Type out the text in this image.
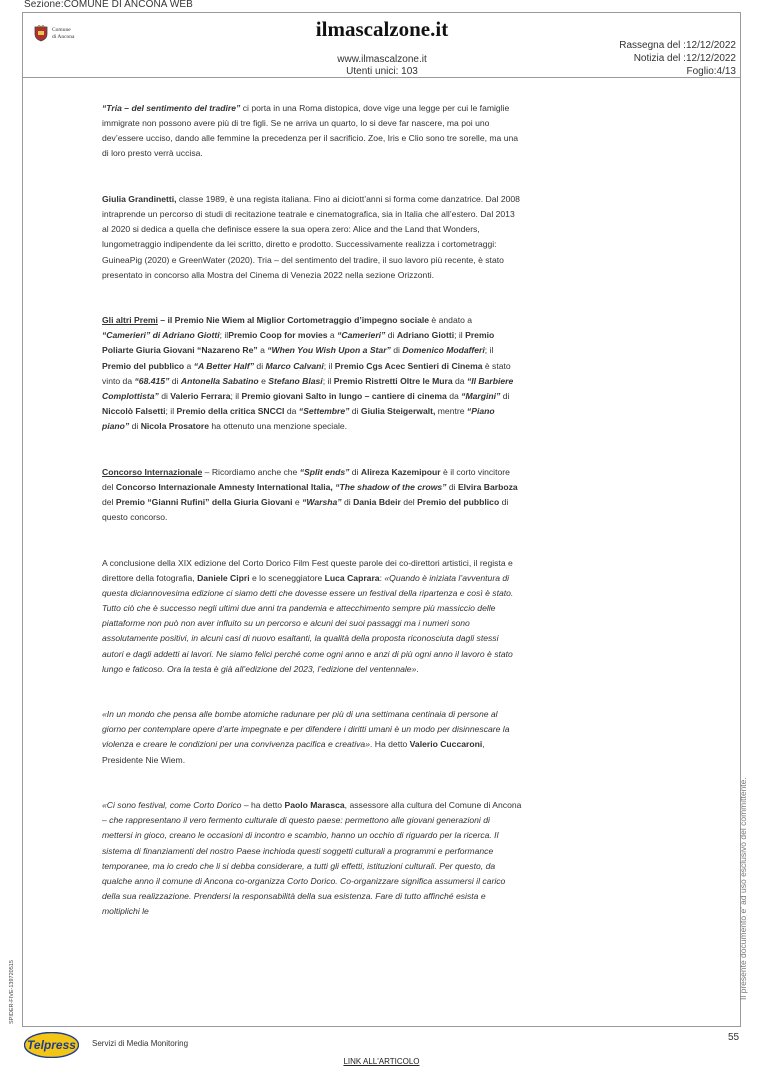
Sezione:COMUNE DI ANCONA WEB
Comune
di Ancona	ilmascalzone.it
www.ilmascalzone.it
Utenti unici: 103
Rassegna del :12/12/2022
Notizia del :12/12/2022
Foglio:4/13

“Tria – del sentimento del tradire” ci porta in una Roma distopica, dove vige una legge per cui le famiglie immigrate non possono avere più di tre figli. Se ne arriva un quarto, lo si deve far nascere, ma poi uno dev’essere ucciso, dando alle femmine la precedenza per il sacrificio. Zoe, Iris e Clio sono tre sorelle, ma una di loro presto verrà uccisa.

Giulia Grandinetti, classe 1989, è una regista italiana. Fino ai diciott’anni si forma come danzatrice. Dal 2008 intraprende un percorso di studi di recitazione teatrale e cinematografica, sia in Italia che all’estero. Dal 2013 al 2020 si dedica a quella che definisce essere la sua opera zero: Alice and the Land that Wonders, lungometraggio indipendente da lei scritto, diretto e prodotto. Successivamente realizza i cortometraggi: GuineaPig (2020) e GreenWater (2020). Tria – del sentimento del tradire, il suo lavoro più recente, è stato presentato in concorso alla Mostra del Cinema di Venezia 2022 nella sezione Orizzonti.

Gli altri Premi – il Premio Nie Wiem al Miglior Cortometraggio d’impegno sociale è andato a “Camerieri” di Adriano Giotti; ilPremio Coop for movies a “Camerieri” di Adriano Giotti; il Premio Poliarte Giuria Giovani “Nazareno Re” a “When You Wish Upon a Star” di Domenico Modafferi; il Premio del pubblico a “A Better Half” di Marco Calvani; il Premio Cgs Acec Sentieri di Cinema è stato vinto da “68.415” di Antonella Sabatino e Stefano Blasi; il Premio Ristretti Oltre le Mura da “Il Barbiere Complottista” di Valerio Ferrara; il Premio giovani Salto in lungo – cantiere di cinema da “Margini” di Niccolò Falsetti; il Premio della critica SNCCI da “Settembre” di Giulia Steigerwalt, mentre “Piano piano” di Nicola Prosatore ha ottenuto una menzione speciale.

Concorso Internazionale – Ricordiamo anche che “Split ends” di Alireza Kazemipour è il corto vincitore del Concorso Internazionale Amnesty International Italia, “The shadow of the crows” di Elvira Barboza del Premio “Gianni Rufini” della Giuria Giovani e “Warsha” di Dania Bdeir del Premio del pubblico di questo concorso.

A conclusione della XIX edizione del Corto Dorico Film Fest queste parole dei co-direttori artistici, il regista e direttore della fotografia, Daniele Cipri e lo sceneggiatore Luca Caprara: «Quando è iniziata l’avventura di questa diciannovesima edizione ci siamo detti che dovesse essere un festival della ripartenza e così è stato. Tutto ciò che è successo negli ultimi due anni tra pandemia e attecchimento sempre più massiccio delle piattaforme non può non aver influito su un percorso e alcuni dei suoi passaggi ma i numeri sono assolutamente positivi, in alcuni casi di nuovo esaltanti, la qualità della proposta riconosciuta dagli stessi autori e dagli addetti ai lavori. Ne siamo felici perché come ogni anno e anzi di più ogni anno il lavoro è stato lungo e faticoso. Ora la testa è già all’edizione del 2023, l’edizione del ventennale».

«In un mondo che pensa alle bombe atomiche radunare per più di una settimana centinaia di persone al giorno per contemplare opere d’arte impegnate e per difendere i diritti umani è un modo per disinnescare la violenza e creare le condizioni per una convivenza pacifica e creativa». Ha detto Valerio Cuccaroni, Presidente Nie Wiem.

«Ci sono festival, come Corto Dorico – ha detto Paolo Marasca, assessore alla cultura del Comune di Ancona – che rappresentano il vero fermento culturale di questo paese: permettono alle giovani generazioni di mettersi in gioco, creano le occasioni di incontro e scambio, hanno un occhio di riguardo per la ricerca. Il sistema di finanziamenti del nostro Paese inchioda questi soggetti culturali a programmi e performance temporanee, ma io credo che li si debba considerare, a tutti gli effetti, istituzioni culturali. Per questo, da qualche anno il comune di Ancona co-organizza Corto Dorico. Co-organizzare significa assumersi il carico della sua realizzazione. Prendersi la responsabilità della sua esistenza. Fare di tutto affinché esista e moltiplichi le	Il presente documento e' ad uso esclusivo del committente.
SPIDER-FIVE-139720515
55
Telpress Servizi di Media Monitoring
LINK ALL'ARTICOLO
